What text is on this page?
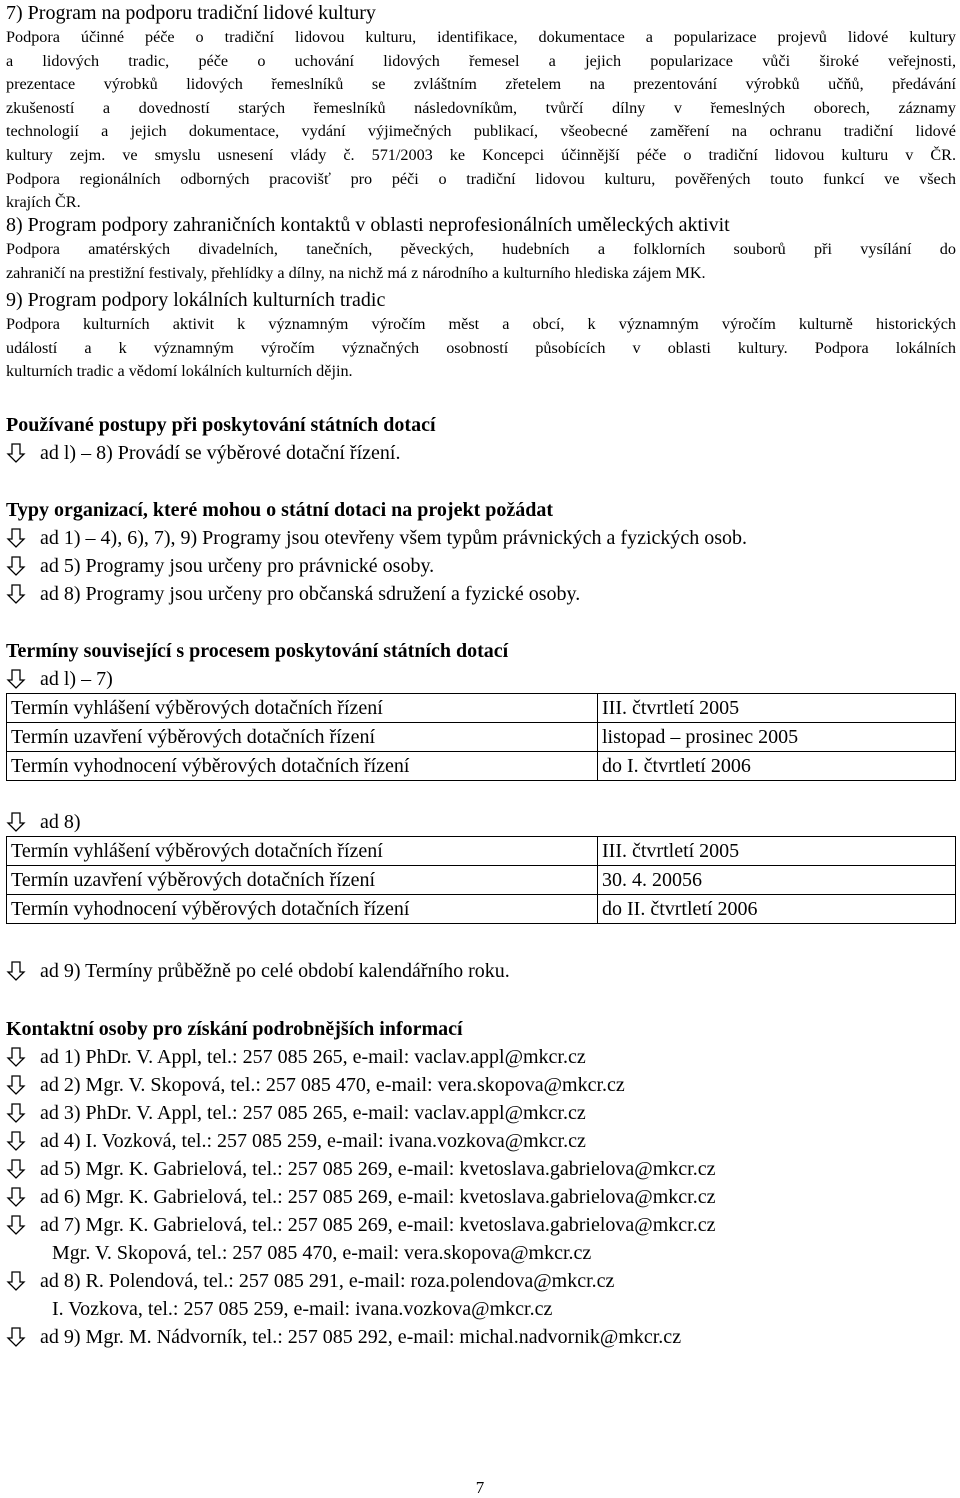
7) Program na podporu tradiční lidové kultury

Podpora účinné péče o tradiční lidovou kulturu, identifikace, dokumentace a popularizace projevů lidové kultury

a lidových tradic, péče o uchování lidových řemesel a jejich popularizace vůči široké veřejnosti,

prezentace výrobků lidových řemeslníků se zvláštním zřetelem na prezentování výrobků učňů, předávání

zkušeností a dovedností starých řemeslníků následovníkům, tvůrčí dílny v řemeslných oborech, záznamy

technologií a jejich dokumentace, vydání výjimečných publikací, všeobecné zaměření na ochranu tradiční lidové

kultury zejm. ve smyslu usnesení vlády č. 571/2003 ke Koncepci účinnější péče o tradiční lidovou kulturu v ČR.

Podpora regionálních odborných pracovišť pro péči o tradiční lidovou kulturu, pověřených touto funkcí ve všech

krajích ČR.

8) Program podpory zahraničních kontaktů v oblasti neprofesionálních uměleckých aktivit

Podpora amatérských divadelních, tanečních, pěveckých, hudebních a folklorních souborů při vysílání do

zahraničí na prestižní festivaly, přehlídky a dílny, na nichž má z národního a kulturního hlediska zájem MK.

9) Program podpory lokálních kulturních tradic

Podpora kulturních aktivit k významným výročím měst a obcí, k významným výročím kulturně historických

událostí a k významným výročím význačných osobností působících v oblasti kultury. Podpora lokálních

kulturních tradic a vědomí lokálních kulturních dějin.

Používané postupy při poskytování státních dotací

ad l) – 8) Provádí se výběrové dotační řízení.

Typy organizací, které mohou o státní dotaci na projekt požádat

ad 1) – 4), 6), 7), 9) Programy jsou otevřeny všem typům právnických a fyzických osob.

ad 5) Programy jsou určeny pro právnické osoby.

ad 8) Programy jsou určeny pro občanská sdružení a fyzické osoby.

Termíny související s procesem poskytování státních dotací

ad l) – 7)

Termín vyhlášení výběrových dotačních řízení	III. čtvrtletí 2005
Termín uzavření výběrových dotačních řízení	listopad – prosinec 2005
Termín vyhodnocení výběrových dotačních řízení	do I. čtvrtletí 2006

ad 8)

Termín vyhlášení výběrových dotačních řízení	III. čtvrtletí 2005
Termín uzavření výběrových dotačních řízení	30. 4. 20056
Termín vyhodnocení výběrových dotačních řízení	do II. čtvrtletí 2006

ad 9) Termíny průběžně po celé období kalendářního roku.

Kontaktní osoby pro získání podrobnějších informací

ad 1) PhDr. V. Appl, tel.: 257 085 265, e-mail: vaclav.appl@mkcr.cz

ad 2) Mgr. V. Skopová, tel.: 257 085 470, e-mail: vera.skopova@mkcr.cz

ad 3) PhDr. V. Appl, tel.: 257 085 265, e-mail: vaclav.appl@mkcr.cz

ad 4) I. Vozková, tel.: 257 085 259, e-mail: ivana.vozkova@mkcr.cz

ad 5) Mgr. K. Gabrielová, tel.: 257 085 269, e-mail: kvetoslava.gabrielova@mkcr.cz

ad 6) Mgr. K. Gabrielová, tel.: 257 085 269, e-mail: kvetoslava.gabrielova@mkcr.cz

ad 7) Mgr. K. Gabrielová, tel.: 257 085 269, e-mail: kvetoslava.gabrielova@mkcr.cz

Mgr. V. Skopová, tel.: 257 085 470, e-mail: vera.skopova@mkcr.cz

ad 8) R. Polendová, tel.: 257 085 291, e-mail: roza.polendova@mkcr.cz

I. Vozkova, tel.: 257 085 259, e-mail: ivana.vozkova@mkcr.cz

ad 9) Mgr. M. Nádvorník, tel.: 257 085 292, e-mail: michal.nadvornik@mkcr.cz

7
